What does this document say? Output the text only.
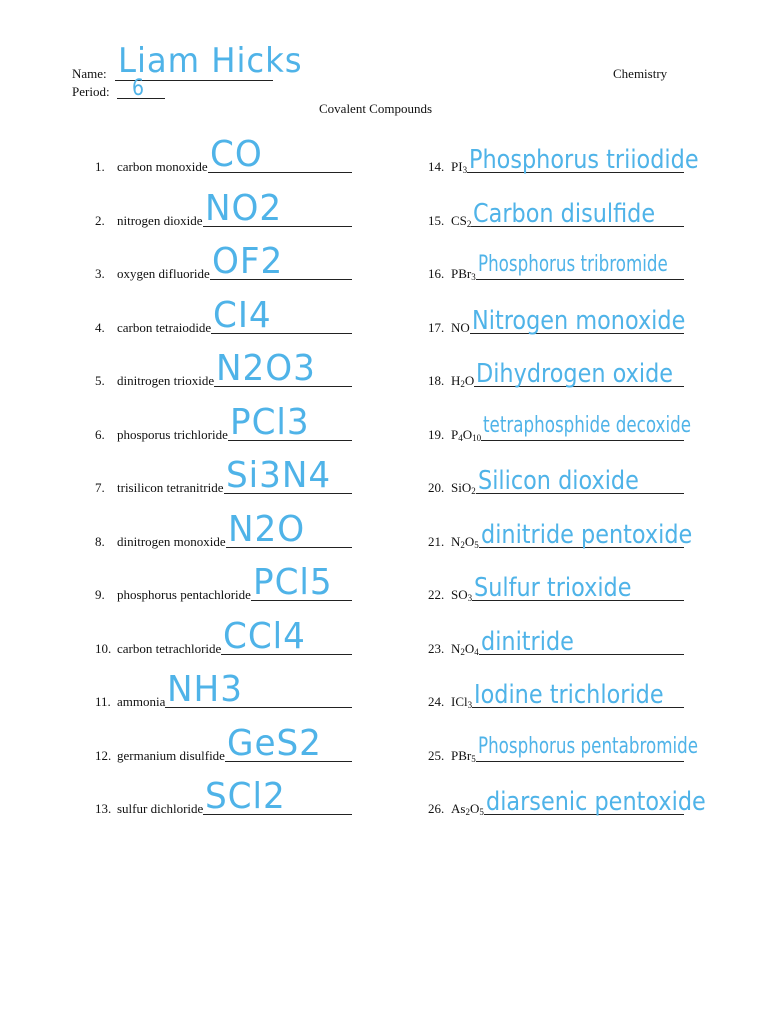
Name: Liam Hicks
Period: 6
Chemistry
Covalent Compounds
1. carbon monoxide
2. nitrogen dioxide
3. oxygen difluoride
4. carbon tetraiodide
5. dinitrogen trioxide
6. phosporus trichloride
7. trisilicon tetranitride
8. dinitrogen monoxide
9. phosphorus pentachloride
10. carbon tetrachloride
11. ammonia
12. germanium disulfide
13. sulfur dichloride
14. $PI_3$
15. $CS_2$
16. PBr$_3$
17. NO
18. $H_2O$
19. $P_4O_{10}$
20. SiO$_2$
21. $N_2O_5$
22. $SO_3$
23. $N_2O_4$
24. ICl$_3$
25. PBr$_5$
26. $As_2O_5$
CO
NO2
OF2
CI4
N2O3
PCl3
Si3N4
N2O
PCl5
CCl4
NH3
GeS2
SCl2
Phosphorus triiodide
Carbon disulfide
Phosphorus tribromide
Nitrogen monoxide
Dihydrogen oxide
tetraphosphide decoxide
Silicon dioxide
dinitride pentoxide
Sulfur trioxide
dinitride
Iodine trichloride
Phosphorus pentabromide
diarsenic pentoxide
